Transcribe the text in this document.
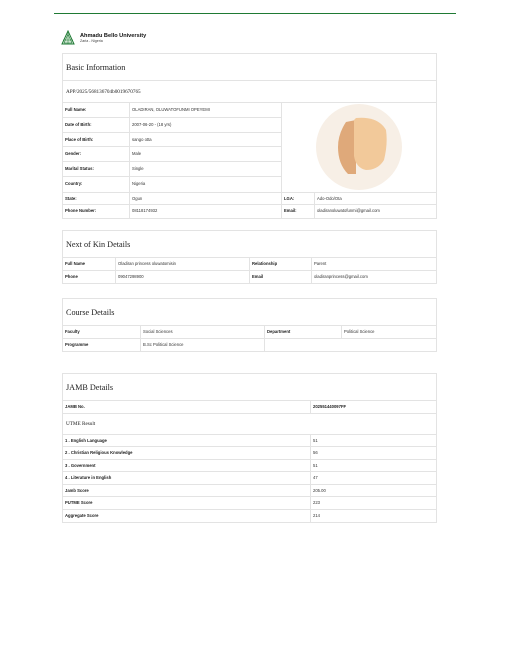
Ahmadu Bello University
Zaria - Nigeria
Basic Information
APP/2025/568136704b0019670765
Full Name:	OLADIRAN, OLUWATOFUNMI OPEYEMI
Date of Birth:	2007-06-20 - (18 yrs)
Place of Birth:	sango otta
Gender:	Male
Marital Status:	Single
Country:	Nigeria
State:	Ogun	LGA:	Ado-Odo/Ota
Phone Number:	08118174932	Email:	oladiranoluwatofunmi@gmail.com
Next of Kin Details
Full Name	Oladiran princess oluwatomisin	Relationship	Parent
Phone	09047298900	Email	oladiranprincess@gmail.com
Course Details
Faculty	Social Sciences	Department	Political Science
Programme	B.Sc Political Science
JAMB Details
JAMB No.	202551440097FF
UTME Result
1 . English Language	51
2 . Christian Religious Knowledge	56
3 . Government	51
4 . Literature in English	47
Jamb Score	205.00
PUTME Score	223
Aggregate Score	214
